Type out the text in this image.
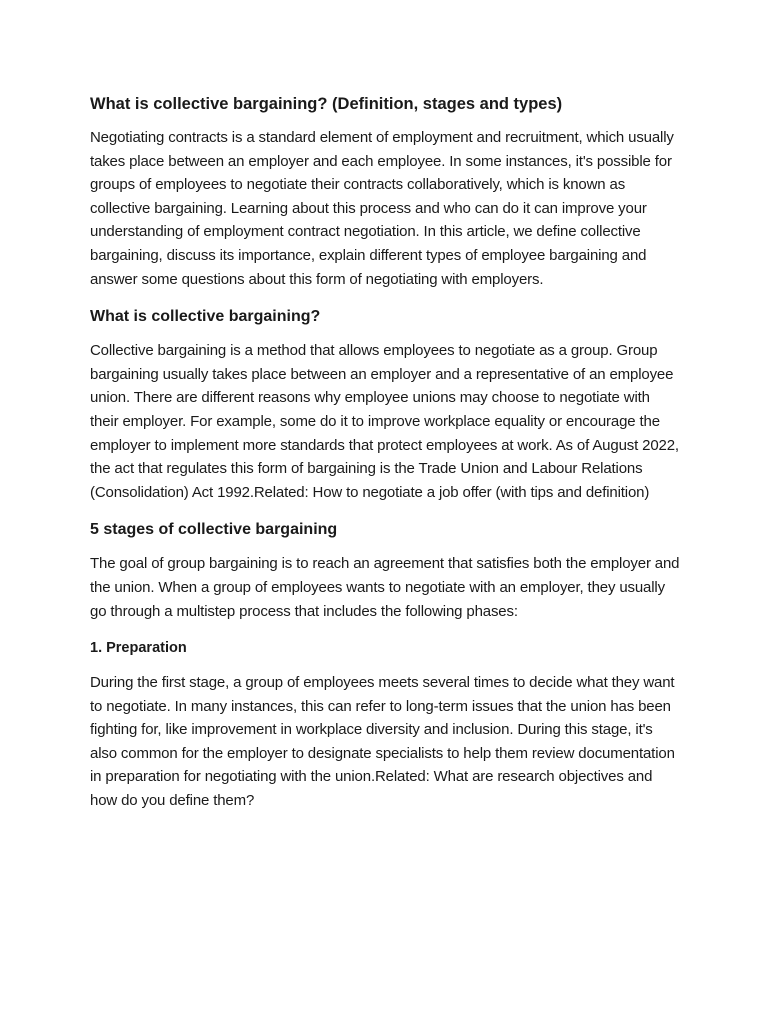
What is collective bargaining? (Definition, stages and types)

Negotiating contracts is a standard element of employment and recruitment, which usually takes place between an employer and each employee. In some instances, it's possible for groups of employees to negotiate their contracts collaboratively, which is known as collective bargaining. Learning about this process and who can do it can improve your understanding of employment contract negotiation. In this article, we define collective bargaining, discuss its importance, explain different types of employee bargaining and answer some questions about this form of negotiating with employers.

What is collective bargaining?

Collective bargaining is a method that allows employees to negotiate as a group. Group bargaining usually takes place between an employer and a representative of an employee union. There are different reasons why employee unions may choose to negotiate with their employer. For example, some do it to improve workplace equality or encourage the employer to implement more standards that protect employees at work. As of August 2022, the act that regulates this form of bargaining is the Trade Union and Labour Relations (Consolidation) Act 1992.Related: How to negotiate a job offer (with tips and definition)

5 stages of collective bargaining

The goal of group bargaining is to reach an agreement that satisfies both the employer and the union. When a group of employees wants to negotiate with an employer, they usually go through a multistep process that includes the following phases:

1. Preparation

During the first stage, a group of employees meets several times to decide what they want to negotiate. In many instances, this can refer to long-term issues that the union has been fighting for, like improvement in workplace diversity and inclusion. During this stage, it's also common for the employer to designate specialists to help them review documentation in preparation for negotiating with the union.Related: What are research objectives and how do you define them?
